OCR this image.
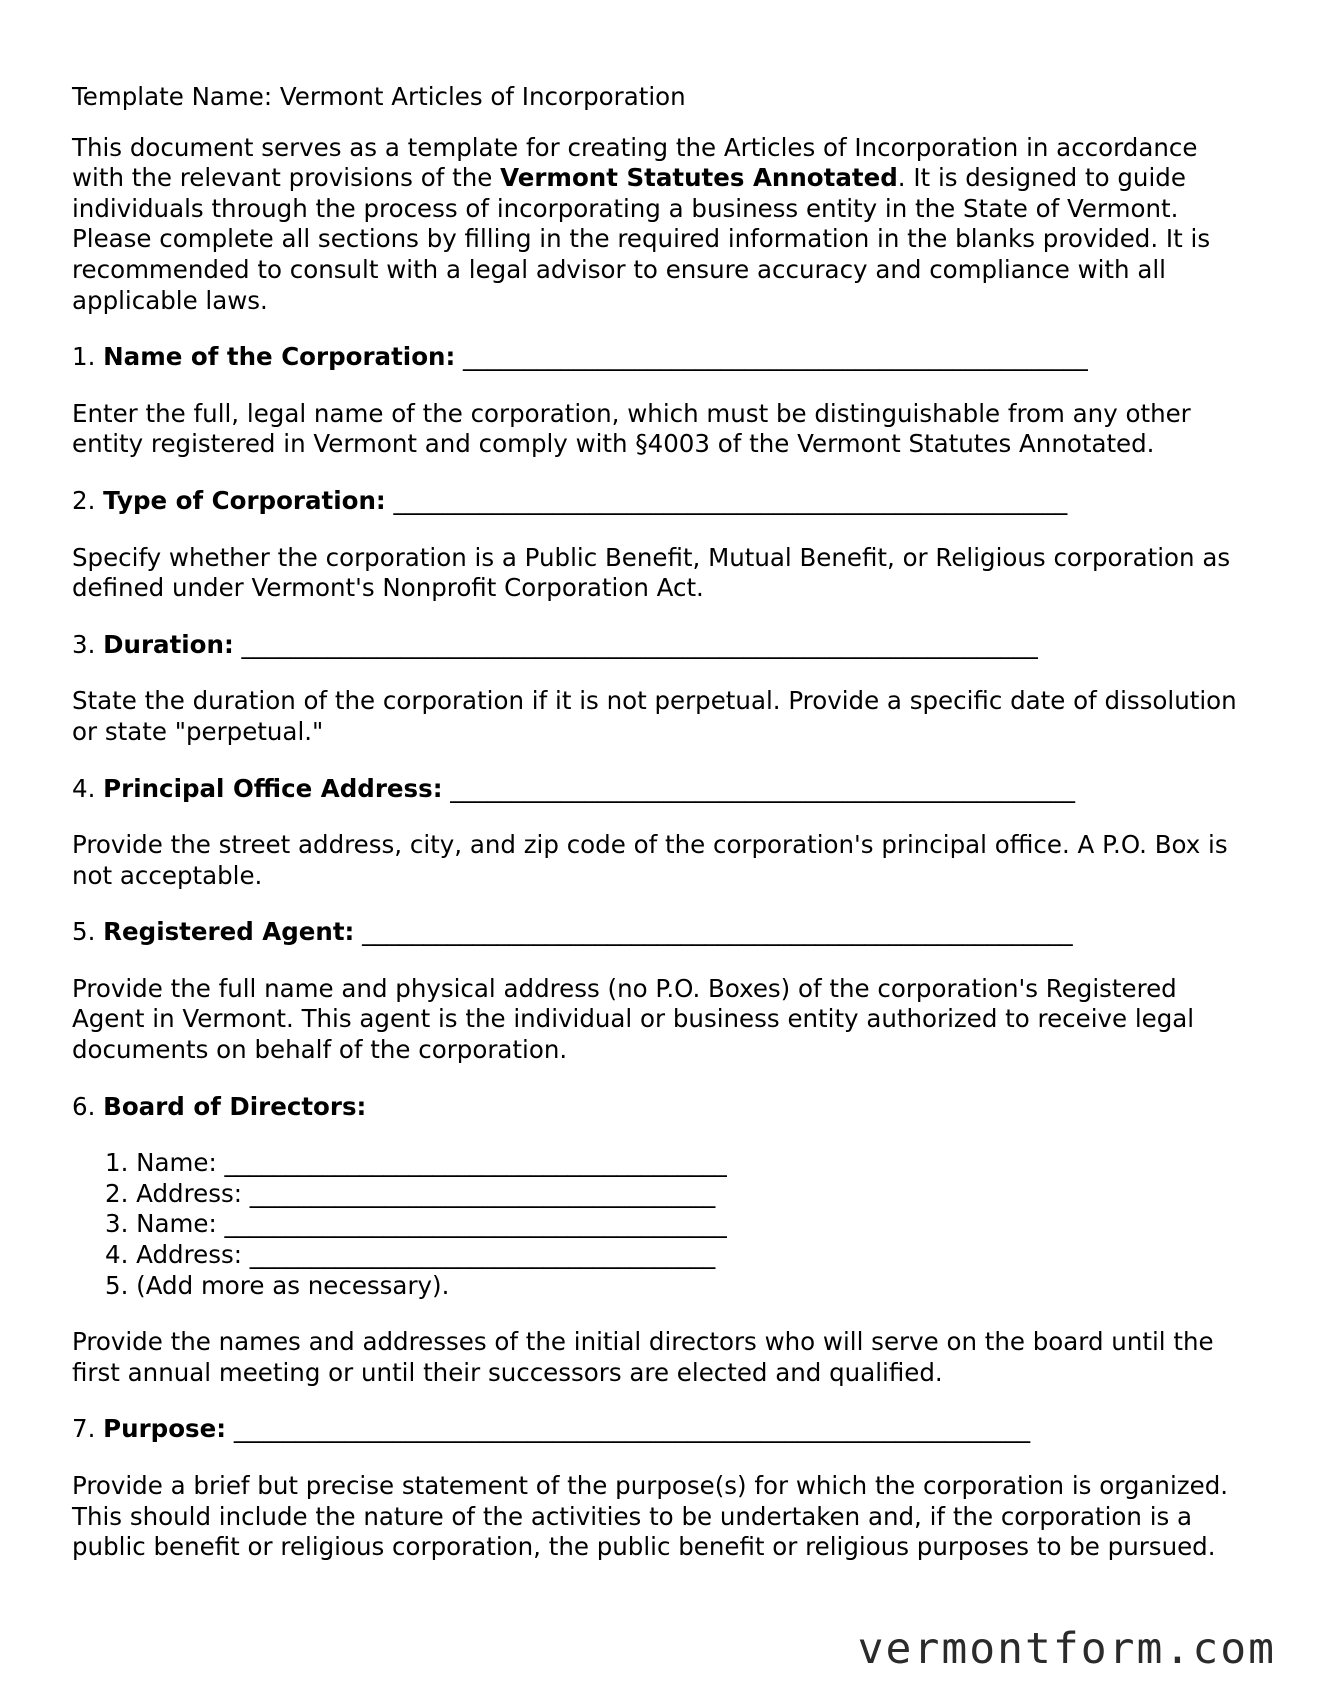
Template Name: Vermont Articles of Incorporation

This document serves as a template for creating the Articles of Incorporation in accordance with the relevant provisions of the Vermont Statutes Annotated. It is designed to guide individuals through the process of incorporating a business entity in the State of Vermont. Please complete all sections by filling in the required information in the blanks provided. It is recommended to consult with a legal advisor to ensure accuracy and compliance with all applicable laws.

1. Name of the Corporation: ___________________________________________________

Enter the full, legal name of the corporation, which must be distinguishable from any other entity registered in Vermont and comply with §4003 of the Vermont Statutes Annotated.

2. Type of Corporation: _______________________________________________________

Specify whether the corporation is a Public Benefit, Mutual Benefit, or Religious corporation as defined under Vermont's Nonprofit Corporation Act.

3. Duration: _________________________________________________________________

State the duration of the corporation if it is not perpetual. Provide a specific date of dissolution or state "perpetual."

4. Principal Office Address: ___________________________________________________

Provide the street address, city, and zip code of the corporation's principal office. A P.O. Box is not acceptable.

5. Registered Agent: __________________________________________________________

Provide the full name and physical address (no P.O. Boxes) of the corporation's Registered Agent in Vermont. This agent is the individual or business entity authorized to receive legal documents on behalf of the corporation.

6. Board of Directors:

1. Name: _________________________________________
2. Address: ______________________________________
3. Name: _________________________________________
4. Address: ______________________________________
5. (Add more as necessary).

Provide the names and addresses of the initial directors who will serve on the board until the first annual meeting or until their successors are elected and qualified.

7. Purpose: _________________________________________________________________

Provide a brief but precise statement of the purpose(s) for which the corporation is organized. This should include the nature of the activities to be undertaken and, if the corporation is a public benefit or religious corporation, the public benefit or religious purposes to be pursued.

vermontform.com
